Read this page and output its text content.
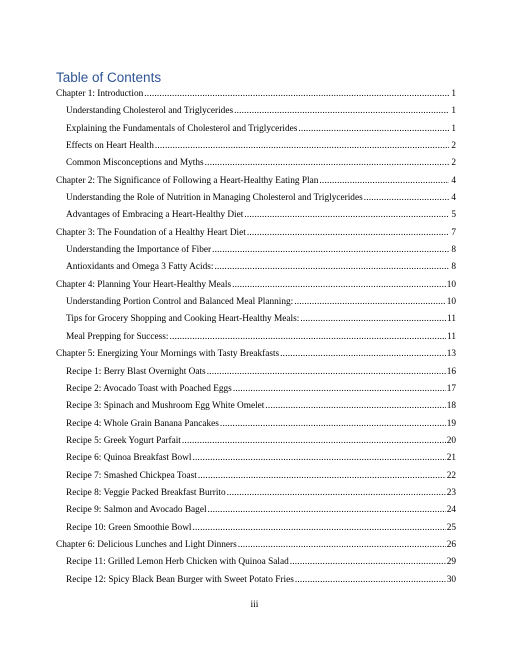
Table of Contents
Chapter 1: Introduction .....	1
Understanding Cholesterol and Triglycerides .....	1
Explaining the Fundamentals of Cholesterol and Triglycerides .....	1
Effects on Heart Health .....	2
Common Misconceptions and Myths .....	2
Chapter 2: The Significance of Following a Heart-Healthy Eating Plan .....	4
Understanding the Role of Nutrition in Managing Cholesterol and Triglycerides .....	4
Advantages of Embracing a Heart-Healthy Diet .....	5
Chapter 3: The Foundation of a Healthy Heart Diet .....	7
Understanding the Importance of Fiber .....	8
Antioxidants and Omega 3 Fatty Acids: .....	8
Chapter 4: Planning Your Heart-Healthy Meals .....	10
Understanding Portion Control and Balanced Meal Planning: .....	10
Tips for Grocery Shopping and Cooking Heart-Healthy Meals: .....	11
Meal Prepping for Success: .....	11
Chapter 5: Energizing Your Mornings with Tasty Breakfasts .....	13
Recipe 1: Berry Blast Overnight Oats .....	16
Recipe 2: Avocado Toast with Poached Eggs .....	17
Recipe 3: Spinach and Mushroom Egg White Omelet .....	18
Recipe 4: Whole Grain Banana Pancakes .....	19
Recipe 5: Greek Yogurt Parfait .....	20
Recipe 6: Quinoa Breakfast Bowl .....	21
Recipe 7: Smashed Chickpea Toast .....	22
Recipe 8: Veggie Packed Breakfast Burrito .....	23
Recipe 9: Salmon and Avocado Bagel .....	24
Recipe 10: Green Smoothie Bowl .....	25
Chapter 6: Delicious Lunches and Light Dinners .....	26
Recipe 11: Grilled Lemon Herb Chicken with Quinoa Salad .....	29
Recipe 12: Spicy Black Bean Burger with Sweet Potato Fries .....	30
iii
